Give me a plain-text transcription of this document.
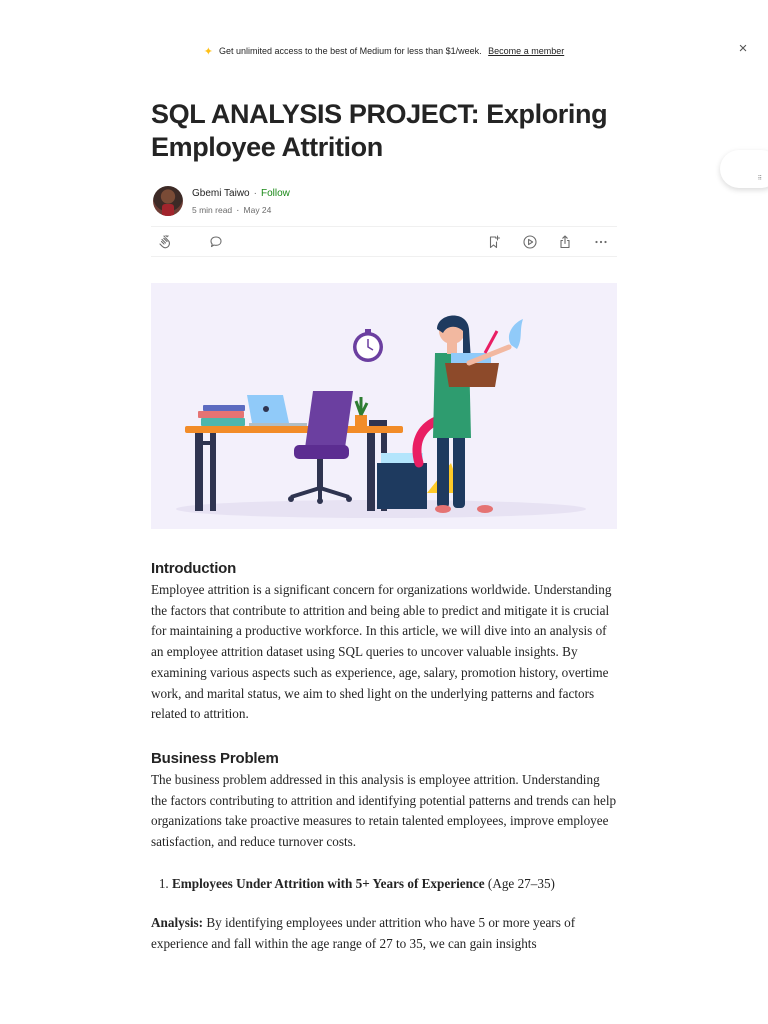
✦ Get unlimited access to the best of Medium for less than $1/week. Become a member	×
⠿
SQL ANALYSIS PROJECT: Exploring Employee Attrition
Gbemi Taiwo · Follow
5 min read · May 24
Introduction

Employee attrition is a significant concern for organizations worldwide. Understanding the factors that contribute to attrition and being able to predict and mitigate it is crucial for maintaining a productive workforce. In this article, we will dive into an analysis of an employee attrition dataset using SQL queries to uncover valuable insights. By examining various aspects such as experience, age, salary, promotion history, overtime work, and marital status, we aim to shed light on the underlying patterns and factors related to attrition.

Business Problem

The business problem addressed in this analysis is employee attrition. Understanding the factors contributing to attrition and identifying potential patterns and trends can help organizations take proactive measures to retain talented employees, improve employee satisfaction, and reduce turnover costs.

1. Employees Under Attrition with 5+ Years of Experience (Age 27–35)

Analysis: By identifying employees under attrition who have 5 or more years of experience and fall within the age range of 27 to 35, we can gain insights
